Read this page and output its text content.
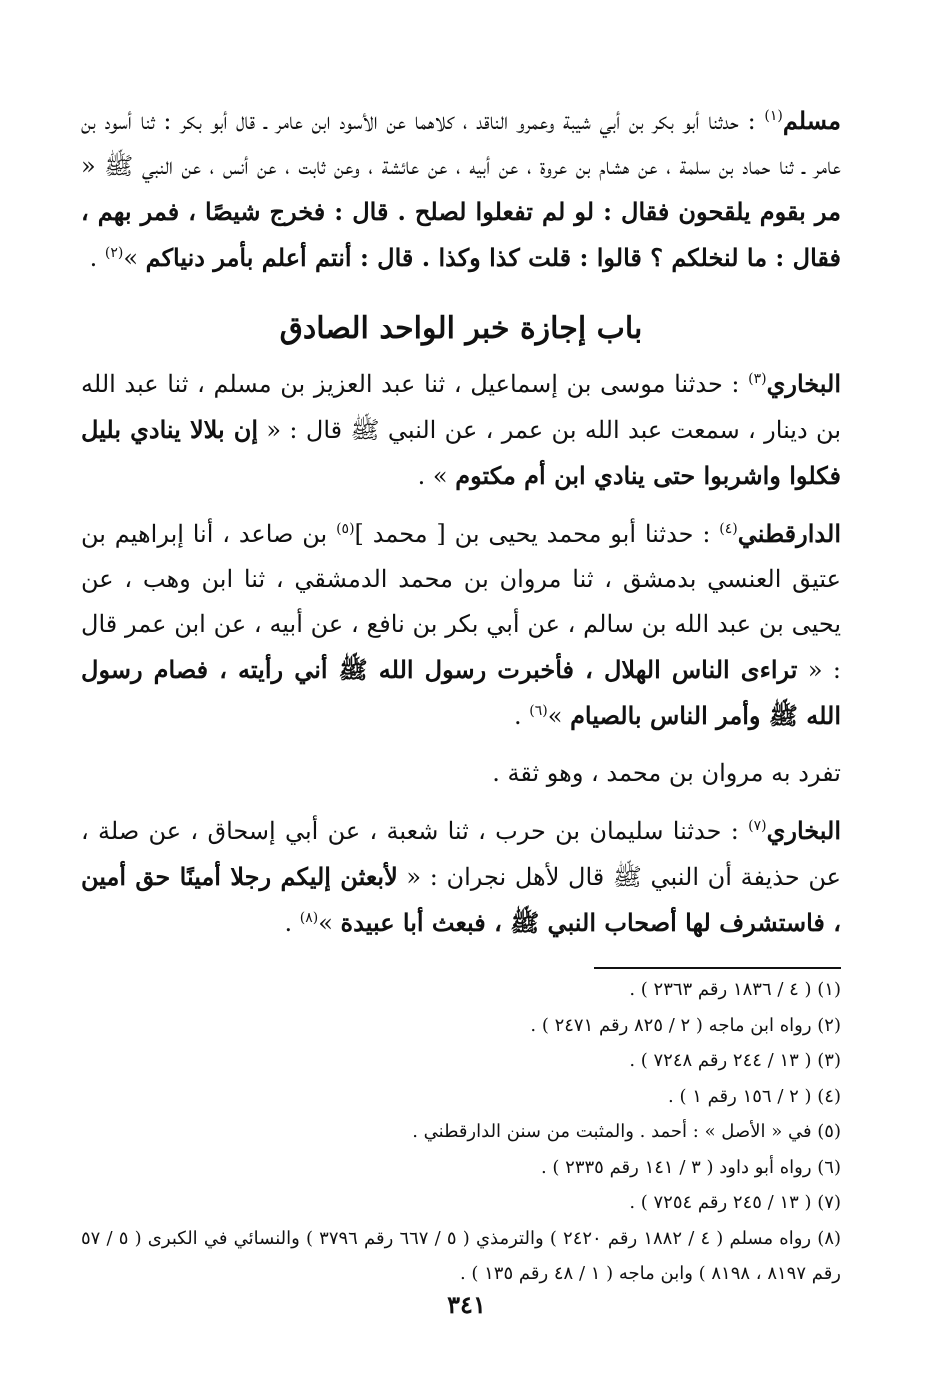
مسلم$^{(١)}$ : حدثنا أبو بكر بن أبي شيبة وعمرو الناقد ، كلاهما عن الأسود ابن عامر ـ قال أبو بكر : ثنا أسود بن عامر ـ ثنا حماد بن سلمة ، عن هشام بن عروة ، عن أبيه ، عن عائشة ، وعن ثابت ، عن أنس ، عن النبي ﷺ « مر بقوم يلقحون فقال : لو لم تفعلوا لصلح . قال : فخرج شيصًا ، فمر بهم ، فقال : ما لنخلكم ؟ قالوا : قلت كذا وكذا . قال : أنتم أعلم بأمر دنياكم »$^{(٢)}$ .

باب إجازة خبر الواحد الصادق

البخاري$^{(٣)}$ : حدثنا موسى بن إسماعيل ، ثنا عبد العزيز بن مسلم ، ثنا عبد الله بن دينار ، سمعت عبد الله بن عمر ، عن النبي ﷺ قال : « إن بلالا ينادي بليل فكلوا واشربوا حتى ينادي ابن أم مكتوم » .

الدارقطني$^{(٤)}$ : حدثنا أبو محمد يحيى بن [ محمد ]$^{(٥)}$ بن صاعد ، أنا إبراهيم بن عتيق العنسي بدمشق ، ثنا مروان بن محمد الدمشقي ، ثنا ابن وهب ، عن يحيى بن عبد الله بن سالم ، عن أبي بكر بن نافع ، عن أبيه ، عن ابن عمر قال : « تراءى الناس الهلال ، فأخبرت رسول الله ﷺ أني رأيته ، فصام رسول الله ﷺ وأمر الناس بالصيام »$^{(٦)}$ .

تفرد به مروان بن محمد ، وهو ثقة .

البخاري$^{(٧)}$ : حدثنا سليمان بن حرب ، ثنا شعبة ، عن أبي إسحاق ، عن صلة ، عن حذيفة أن النبي ﷺ قال لأهل نجران : « لأبعثن إليكم رجلا أمينًا حق أمين ، فاستشرف لها أصحاب النبي ﷺ ، فبعث أبا عبيدة »$^{(٨)}$ .

(١) ( ٤ / ١٨٣٦ رقم ٢٣٦٣ ) .

(٢) رواه ابن ماجه ( ٢ / ٨٢٥ رقم ٢٤٧١ ) .

(٣) ( ١٣ / ٢٤٤ رقم ٧٢٤٨ ) .

(٤) ( ٢ / ١٥٦ رقم ١ ) .

(٥) في « الأصل » : أحمد . والمثبت من سنن الدارقطني .

(٦) رواه أبو داود ( ٣ / ١٤١ رقم ٢٣٣٥ ) .

(٧) ( ١٣ / ٢٤٥ رقم ٧٢٥٤ ) .

(٨) رواه مسلم ( ٤ / ١٨٨٢ رقم ٢٤٢٠ ) والترمذي ( ٥ / ٦٦٧ رقم ٣٧٩٦ ) والنسائي في الكبرى ( ٥ / ٥٧ رقم ٨١٩٧ ، ٨١٩٨ ) وابن ماجه ( ١ / ٤٨ رقم ١٣٥ ) .

٣٤١
